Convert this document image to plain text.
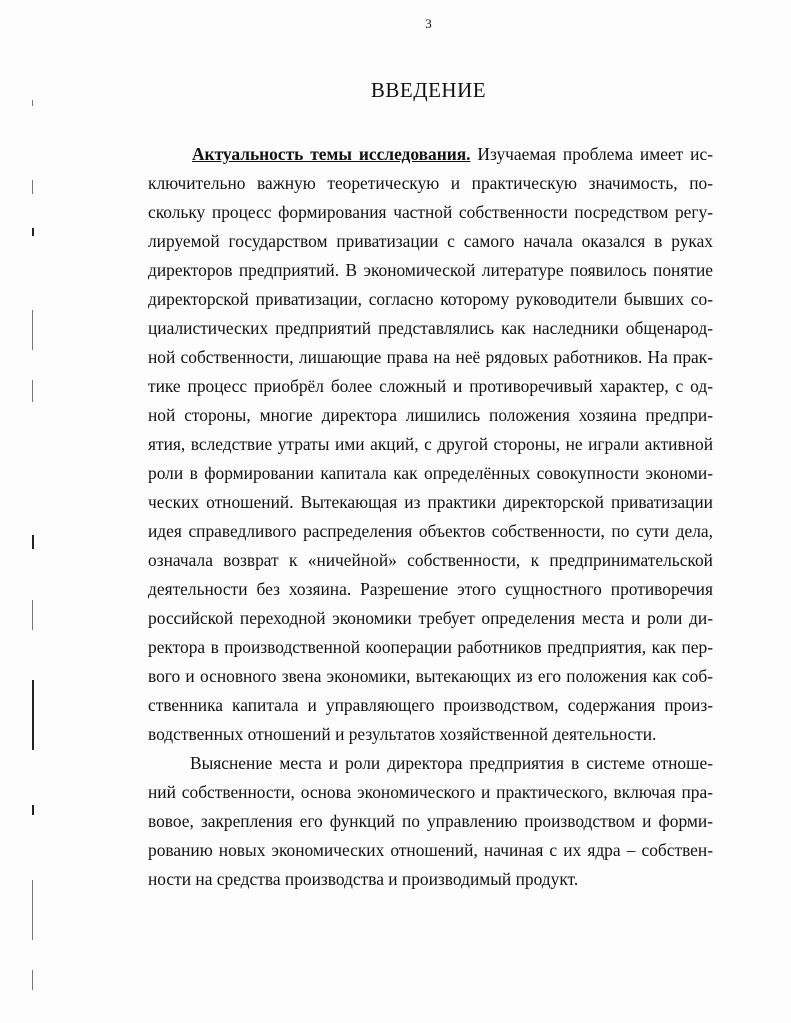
3
ВВЕДЕНИЕ
Актуальность темы исследования. Изучаемая проблема имеет ис-
ключительно важную теоретическую и практическую значимость, по-
скольку процесс формирования частной собственности посредством регу-
лируемой государством приватизации с самого начала оказался в руках
директоров предприятий. В экономической литературе появилось понятие
директорской приватизации, согласно которому руководители бывших со-
циалистических предприятий представлялись как наследники общенарод-
ной собственности, лишающие права на неё рядовых работников. На прак-
тике процесс приобрёл более сложный и противоречивый характер, с од-
ной стороны, многие директора лишились положения хозяина предпри-
ятия, вследствие утраты ими акций, с другой стороны, не играли активной
роли в формировании капитала как определённых совокупности экономи-
ческих отношений. Вытекающая из практики директорской приватизации
идея справедливого распределения объектов собственности, по сути дела,
означала возврат к «ничейной» собственности, к предпринимательской
деятельности без хозяина. Разрешение этого сущностного противоречия
российской переходной экономики требует определения места и роли ди-
ректора в производственной кооперации работников предприятия, как пер-
вого и основного звена экономики, вытекающих из его положения как соб-
ственника капитала и управляющего производством, содержания произ-
водственных отношений и результатов хозяйственной деятельности.
Выяснение места и роли директора предприятия в системе отноше-
ний собственности, основа экономического и практического, включая пра-
вовое, закрепления его функций по управлению производством и форми-
рованию новых экономических отношений, начиная с их ядра – собствен-
ности на средства производства и производимый продукт.
